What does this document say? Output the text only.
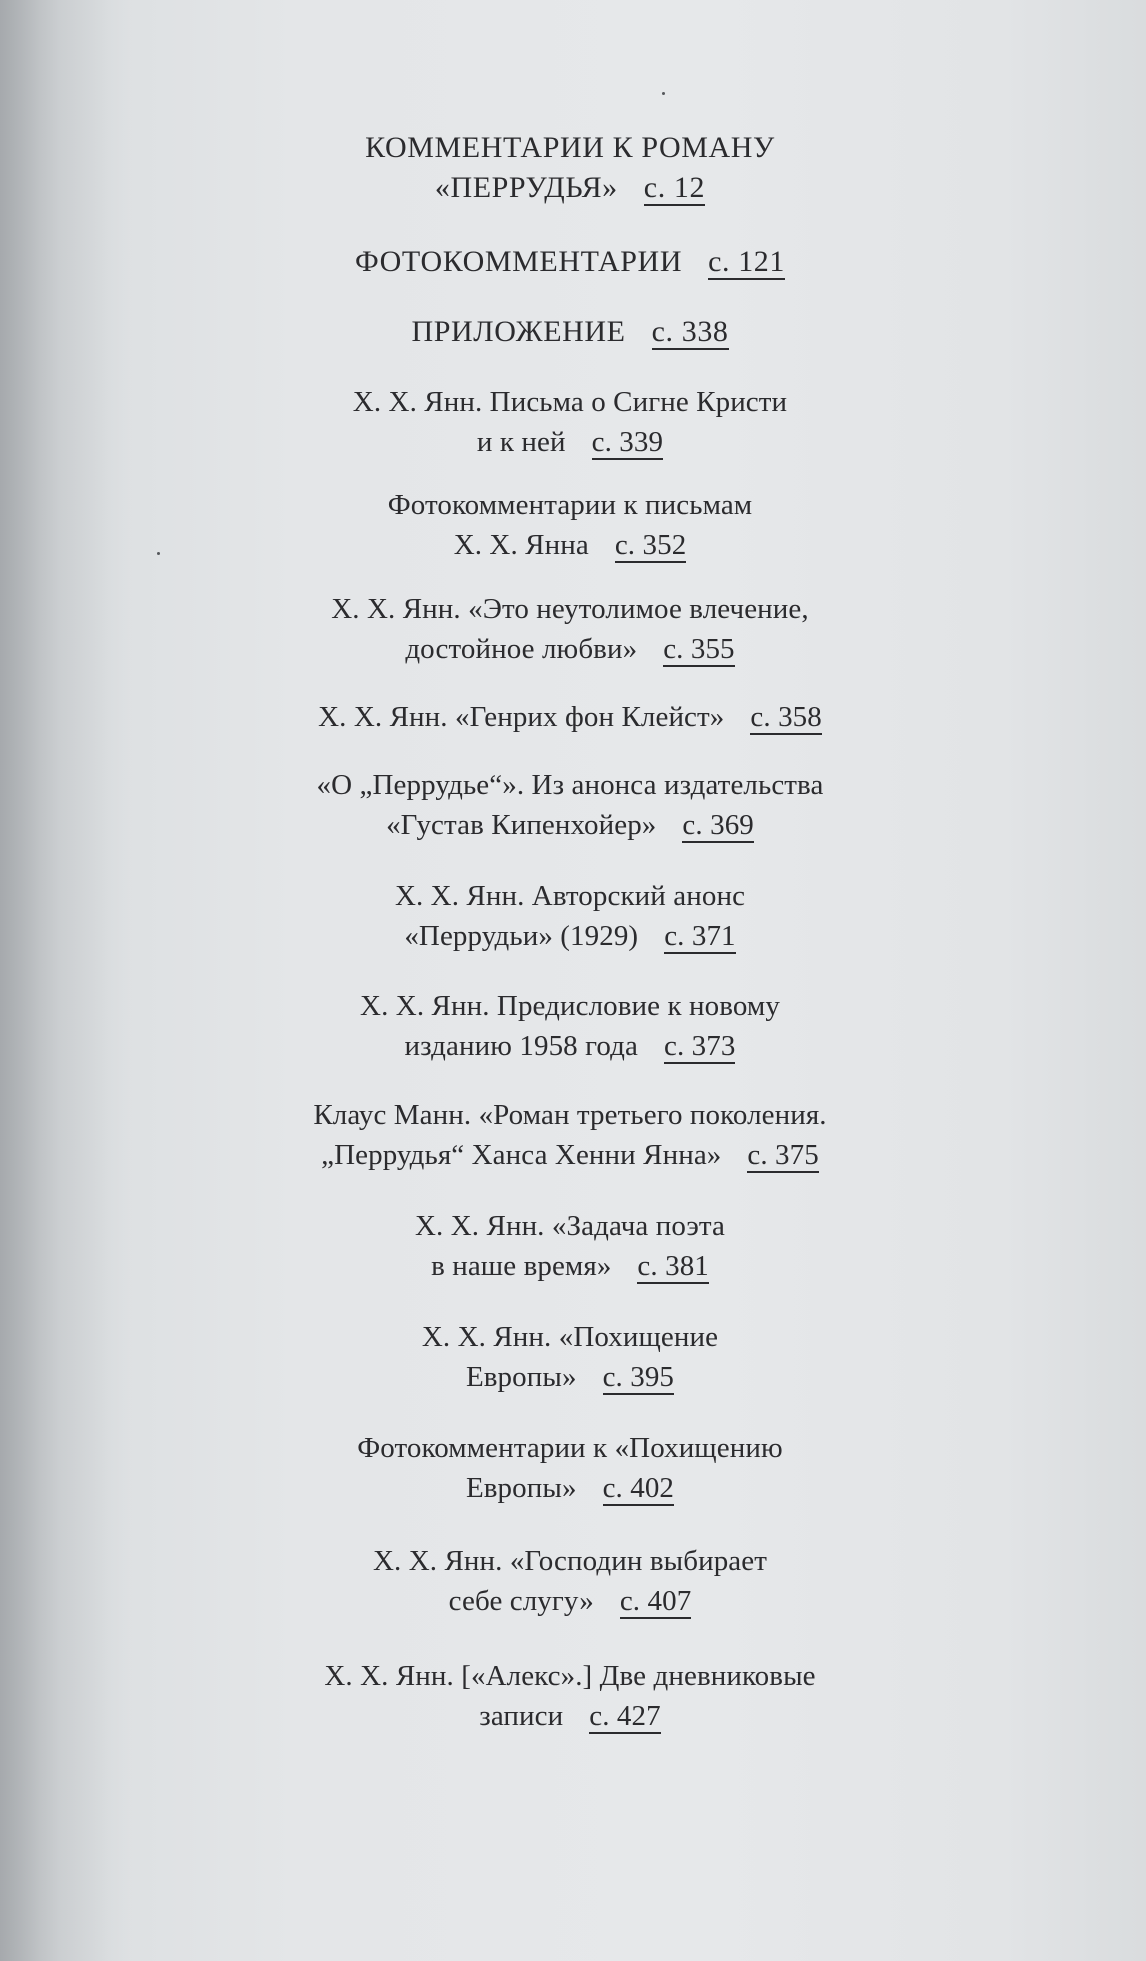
КОММЕНТАРИИ К РОМАНУ
«ПЕРРУДЬЯ» с. 12
ФОТОКОММЕНТАРИИ с. 121
ПРИЛОЖЕНИЕ с. 338
Х. Х. Янн. Письма о Сигне Кристи
и к ней с. 339
Фотокомментарии к письмам
Х. Х. Янна с. 352
Х. Х. Янн. «Это неутолимое влечение,
достойное любви» с. 355
Х. Х. Янн. «Генрих фон Клейст» с. 358
«О „Перрудье“». Из анонса издательства
«Густав Кипенхойер» с. 369
Х. Х. Янн. Авторский анонс
«Перрудьи» (1929) с. 371
Х. Х. Янн. Предисловие к новому
изданию 1958 года с. 373
Клаус Манн. «Роман третьего поколения.
„Перрудья“ Ханса Хенни Янна» с. 375
Х. Х. Янн. «Задача поэта
в наше время» с. 381
Х. Х. Янн. «Похищение
Европы» с. 395
Фотокомментарии к «Похищению
Европы» с. 402
Х. Х. Янн. «Господин выбирает
себе слугу» с. 407
Х. Х. Янн. [«Алекс».] Две дневниковые
записи с. 427
